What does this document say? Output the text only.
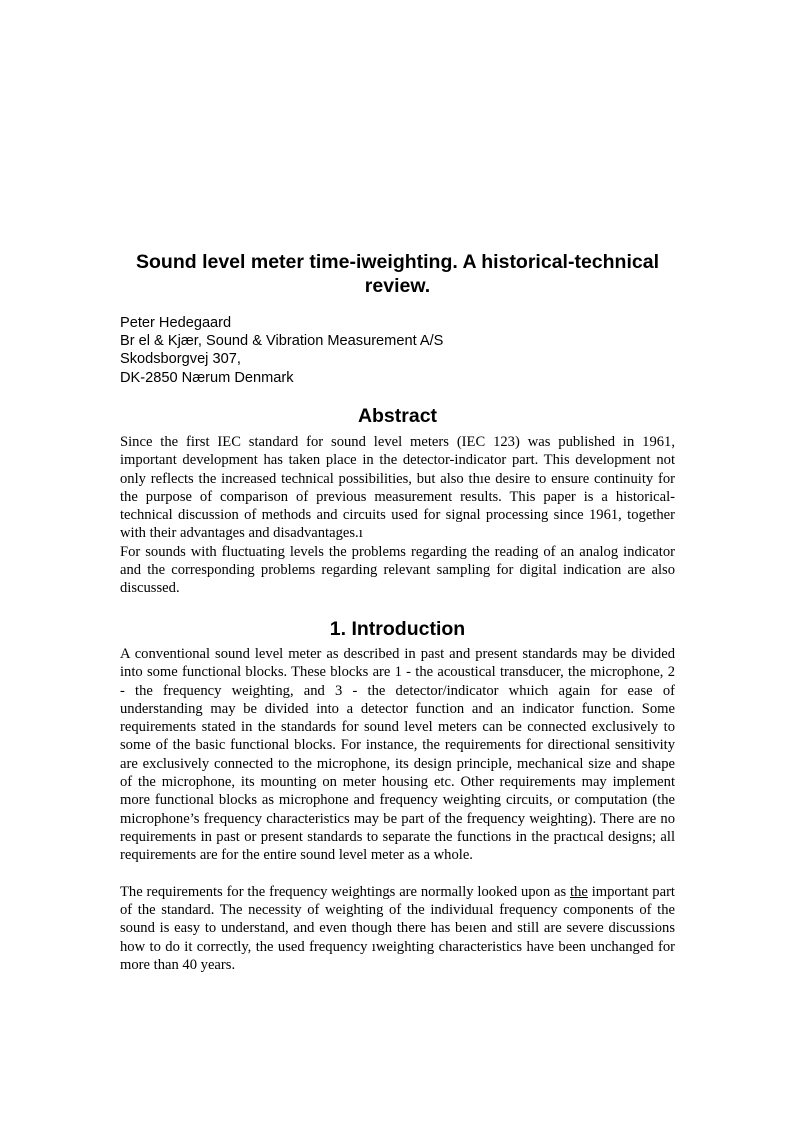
Sound level meter time-iweighting. A historical-technical review.
Peter Hedegaard
Br el & Kjær, Sound & Vibration Measurement A/S
Skodsborgvej 307,
DK-2850 Nærum Denmark
Abstract

Since the first IEC standard for sound level meters (IEC 123) was published in 1961, important development has taken place in the detector-indicator part. This development not only reflects the increased technical possibilities, but also thıe desire to ensure continuity for the purpose of comparison of previous measurement results. This paper is a historical-technical discussion of methods and circuits used for signal processing since 1961, together with their advantages and disadvantages.ı

For sounds with fluctuating levels the problems regarding the reading of an analog indicator and the corresponding problems regarding relevant sampling for digital indication are also discussed.

1. Introduction

A conventional sound level meter as described in past and present standards may be divided into some functional blocks. These blocks are 1 - the acoustical transducer, the microphone, 2 - the frequency weighting, and 3 - the detector/indicator whıich again for ease of understanding may be divided into a detector function and an indicator function. Some requirements stated in the standards for sound level meters can be connected exclusively to some of the basic functional blocks. For instance, the requirements for directional sensitivity are exclusively connected to the microphone, its design principle, mechanical size and shape of the microphone, its mounting on meter housing etc. Other requirements may implement more functional blocks as microphone and frequency weighting circuits, or computation (the microphone’s frequency characteristics may be part of the frequency weighting). There are no requirements in past or present standards to separate the functions in the practıcal designs; all requirements are for the entire sound level meter as a whole.

The requirements for the frequency weightings are normally looked upon as the important part of the standard. The necessity of weighting of the individuıal frequency components of the sound is easy to understand, and even though there has beıen and still are severe discussions how to do it correctly, the used frequency ıweighting characteristics have been unchanged for more than 40 years.
